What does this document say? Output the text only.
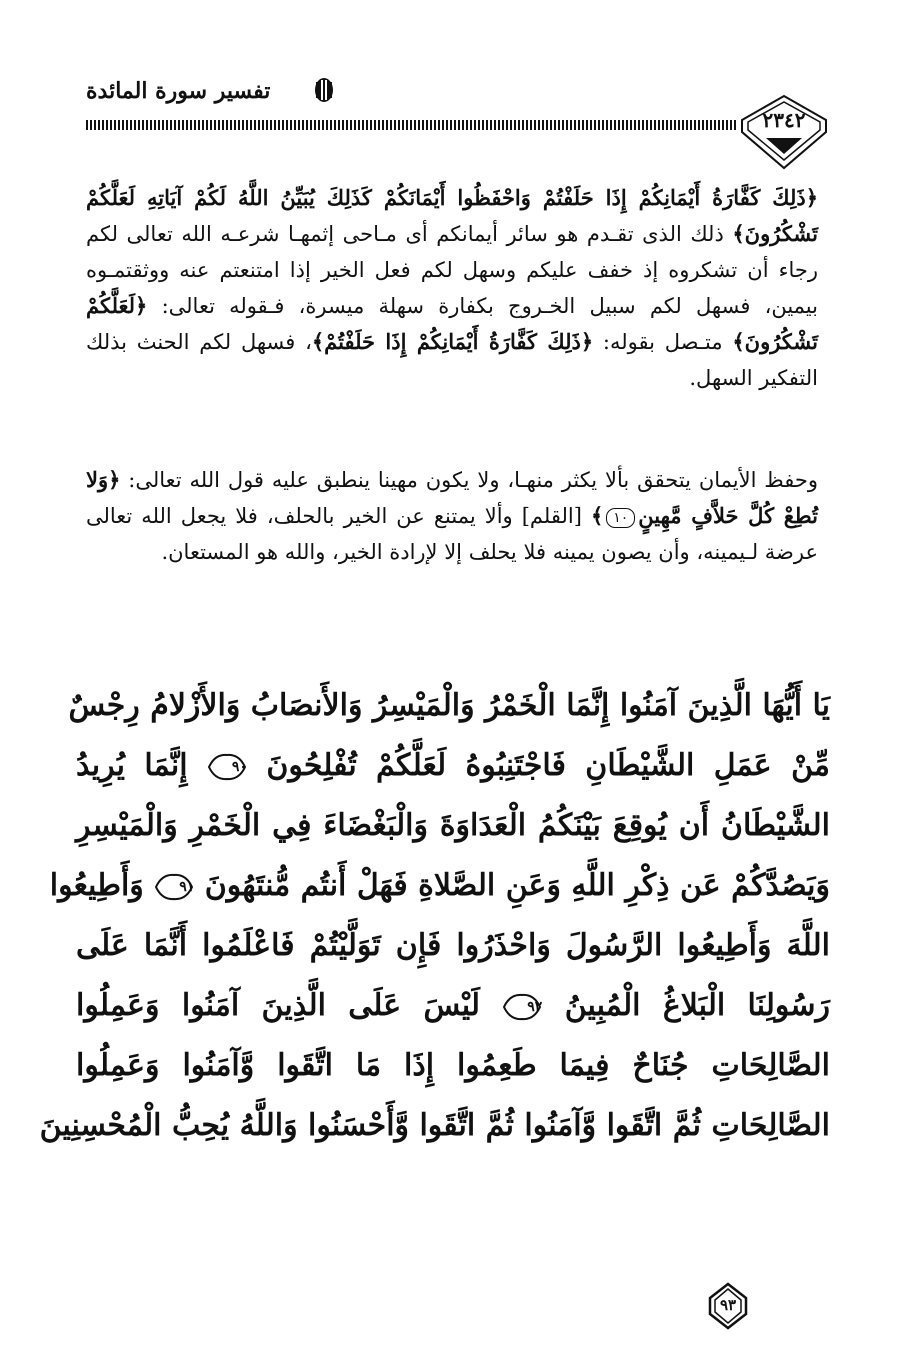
تفسير سورة المائدة
٢٣٤٢

﴿ذَلِكَ كَفَّارَةُ أَيْمَانِكُمْ إِذَا حَلَفْتُمْ وَاحْفَظُوا أَيْمَانَكُمْ كَذَلِكَ يُبَيِّنُ اللَّهُ لَكُمْ آيَاتِهِ لَعَلَّكُمْ تَشْكُرُونَ﴾ ذلك الذى تقـدم هو سائر أيمانكم أى مـاحى إثمهـا شرعـه الله تعالى لكم رجاء أن تشكروه إذ خفف عليكم وسهل لكم فعل الخير إذا امتنعتم عنه ووثقتمـوه بيمين، فسهل لكم سبيل الخـروج بكفارة سهلة ميسرة، فـقوله تعالى: ﴿لَعَلَّكُمْ تَشْكُرُونَ﴾ متـصل بقوله: ﴿ذَلِكَ كَفَّارَةُ أَيْمَانِكُمْ إِذَا حَلَفْتُمْ﴾، فسهل لكم الحنث بذلك التفكير السهل.

وحفظ الأيمان يتحقق بألا يكثر منهـا، ولا يكون مهينا ينطبق عليه قول الله تعالى: ﴿وَلا تُطِعْ كُلَّ حَلاَّفٍ مَّهِينٍ١٠﴾ [القلم] وألا يمتنع عن الخير بالحلف، فلا يجعل الله تعالى عرضة لـيمينه، وأن يصون يمينه فلا يحلف إلا لإرادة الخير، والله هو المستعان.

يَا أَيُّهَا الَّذِينَ آمَنُوا إِنَّمَا الْخَمْرُ وَالْمَيْسِرُ وَالأَنصَابُ وَالأَزْلامُ رِجْسٌ
مِّنْ عَمَلِ الشَّيْطَانِ فَاجْتَنِبُوهُ لَعَلَّكُمْ تُفْلِحُونَ
٩٠
إِنَّمَا يُرِيدُ
الشَّيْطَانُ أَن يُوقِعَ بَيْنَكُمُ الْعَدَاوَةَ وَالْبَغْضَاءَ فِي الْخَمْرِ وَالْمَيْسِرِ
وَيَصُدَّكُمْ عَن ذِكْرِ اللَّهِ وَعَنِ الصَّلاةِ فَهَلْ أَنتُم مُّنتَهُونَ
٩١
وَأَطِيعُوا
اللَّهَ وَأَطِيعُوا الرَّسُولَ وَاحْذَرُوا فَإِن تَوَلَّيْتُمْ فَاعْلَمُوا أَنَّمَا عَلَى
رَسُولِنَا الْبَلاغُ الْمُبِينُ
٩٢
لَيْسَ عَلَى الَّذِينَ آمَنُوا وَعَمِلُوا
الصَّالِحَاتِ جُنَاحٌ فِيمَا طَعِمُوا إِذَا مَا اتَّقَوا وَّآمَنُوا وَعَمِلُوا
الصَّالِحَاتِ ثُمَّ اتَّقَوا وَّآمَنُوا ثُمَّ اتَّقَوا وَّأَحْسَنُوا وَاللَّهُ يُحِبُّ الْمُحْسِنِينَ
٩٣
